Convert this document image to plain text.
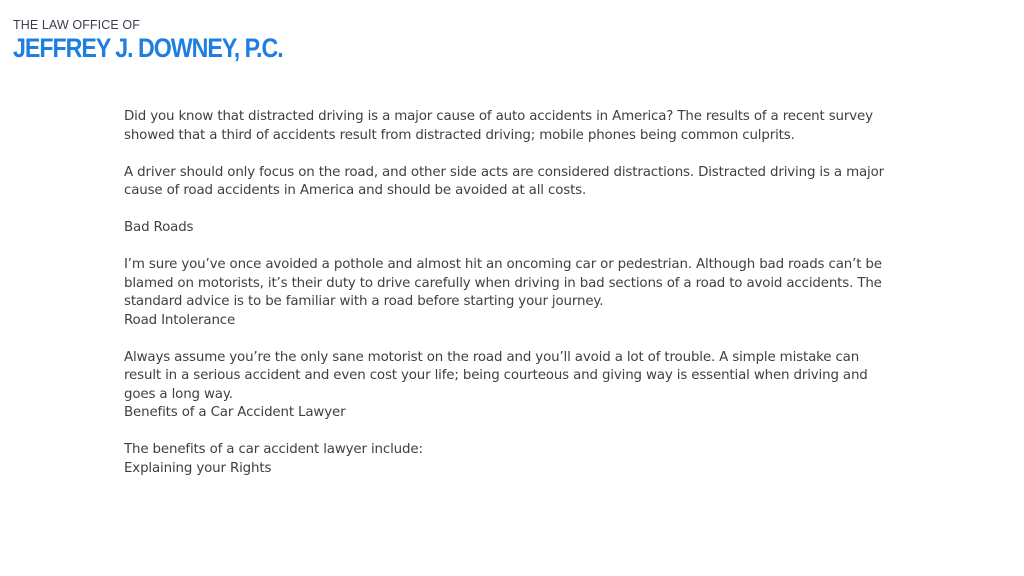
THE LAW OFFICE OF
JEFFREY J. DOWNEY, P.C.

Did you know that distracted driving is a major cause of auto accidents in America? The results of a recent survey showed that a third of accidents result from distracted driving; mobile phones being common culprits.

A driver should only focus on the road, and other side acts are considered distractions. Distracted driving is a major cause of road accidents in America and should be avoided at all costs.

Bad Roads

I’m sure you’ve once avoided a pothole and almost hit an oncoming car or pedestrian. Although bad roads can’t be blamed on motorists, it’s their duty to drive carefully when driving in bad sections of a road to avoid accidents. The standard advice is to be familiar with a road before starting your journey.

Road Intolerance

Always assume you’re the only sane motorist on the road and you’ll avoid a lot of trouble. A simple mistake can result in a serious accident and even cost your life; being courteous and giving way is essential when driving and goes a long way.

Benefits of a Car Accident Lawyer

The benefits of a car accident lawyer include:

Explaining your Rights
